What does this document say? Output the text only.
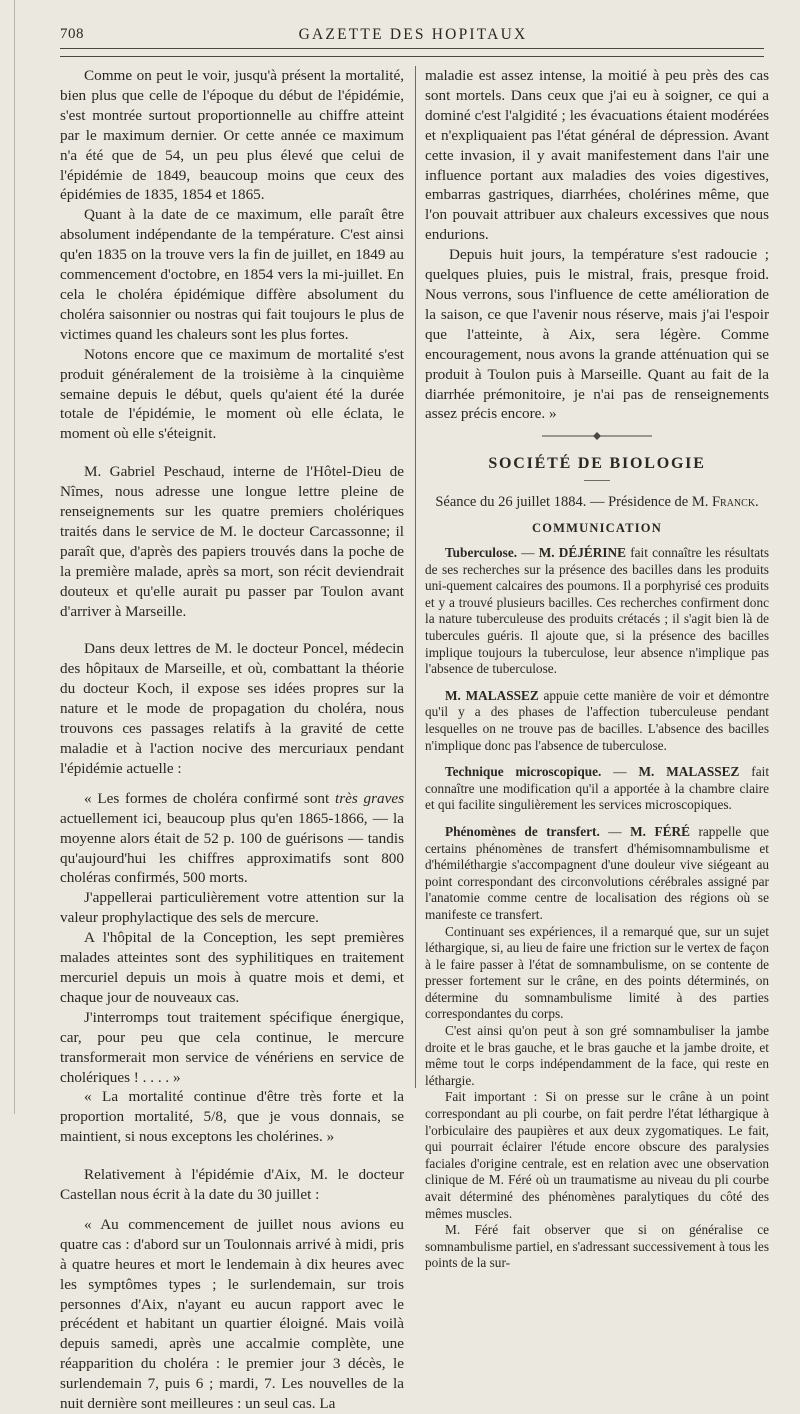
708	GAZETTE DES HOPITAUX

Comme on peut le voir, jusqu'à présent la mortalité, bien plus que celle de l'époque du début de l'épidémie, s'est montrée surtout proportionnelle au chiffre atteint par le maximum dernier. Or cette année ce maximum n'a été que de 54, un peu plus élevé que celui de l'épidémie de 1849, beaucoup moins que ceux des épidémies de 1835, 1854 et 1865.

Quant à la date de ce maximum, elle paraît être absolument indépendante de la température. C'est ainsi qu'en 1835 on la trouve vers la fin de juillet, en 1849 au commencement d'octobre, en 1854 vers la mi-juillet. En cela le choléra épidémique diffère absolument du choléra saisonnier ou nostras qui fait toujours le plus de victimes quand les chaleurs sont les plus fortes.

Notons encore que ce maximum de mortalité s'est produit généralement de la troisième à la cinquième semaine depuis le début, quels qu'aient été la durée totale de l'épidémie, le moment où elle éclata, le moment où elle s'éteignit.

M. Gabriel Peschaud, interne de l'Hôtel-Dieu de Nîmes, nous adresse une longue lettre pleine de renseignements sur les quatre premiers cholériques traités dans le service de M. le docteur Carcassonne; il paraît que, d'après des papiers trouvés dans la poche de la première malade, après sa mort, son récit deviendrait douteux et qu'elle aurait pu passer par Toulon avant d'arriver à Marseille.

Dans deux lettres de M. le docteur Poncel, médecin des hôpitaux de Marseille, et où, combattant la théorie du docteur Koch, il expose ses idées propres sur la nature et le mode de propagation du choléra, nous trouvons ces passages relatifs à la gravité de cette maladie et à l'action nocive des mercuriaux pendant l'épidémie actuelle :

« Les formes de choléra confirmé sont très graves actuellement ici, beaucoup plus qu'en 1865-1866, — la moyenne alors était de 52 p. 100 de guérisons — tandis qu'aujourd'hui les chiffres approximatifs sont 800 choléras confirmés, 500 morts.

J'appellerai particulièrement votre attention sur la valeur prophylactique des sels de mercure.

A l'hôpital de la Conception, les sept premières malades atteintes sont des syphilitiques en traitement mercuriel depuis un mois à quatre mois et demi, et chaque jour de nouveaux cas.

J'interromps tout traitement spécifique énergique, car, pour peu que cela continue, le mercure transformerait mon service de vénériens en service de cholériques ! . . . . »

« La mortalité continue d'être très forte et la proportion mortalité, 5/8, que je vous donnais, se maintient, si nous exceptons les cholérines. »

Relativement à l'épidémie d'Aix, M. le docteur Castellan nous écrit à la date du 30 juillet :

« Au commencement de juillet nous avions eu quatre cas : d'abord sur un Toulonnais arrivé à midi, pris à quatre heures et mort le lendemain à dix heures avec les symptômes types ; le surlendemain, sur trois personnes d'Aix, n'ayant eu aucun rapport avec le précédent et habitant un quartier éloigné. Mais voilà depuis samedi, après une accalmie complète, une réapparition du choléra : le premier jour 3 décès, le surlendemain 7, puis 6 ; mardi, 7. Les nouvelles de la nuit dernière sont meilleures : un seul cas. La

maladie est assez intense, la moitié à peu près des cas sont mortels. Dans ceux que j'ai eu à soigner, ce qui a dominé c'est l'algidité ; les évacuations étaient modérées et n'expliquaient pas l'état général de dépression. Avant cette invasion, il y avait manifestement dans l'air une influence portant aux maladies des voies digestives, embarras gastriques, diarrhées, cholérines même, que l'on pouvait attribuer aux chaleurs excessives que nous endurions.

Depuis huit jours, la température s'est radoucie ; quelques pluies, puis le mistral, frais, presque froid. Nous verrons, sous l'influence de cette amélioration de la saison, ce que l'avenir nous réserve, mais j'ai l'espoir que l'atteinte, à Aix, sera légère. Comme encouragement, nous avons la grande atténuation qui se produit à Toulon puis à Marseille. Quant au fait de la diarrhée prémonitoire, je n'ai pas de renseignements assez précis encore. »

SOCIÉTÉ DE BIOLOGIE
Séance du 26 juillet 1884. — Présidence de M. Franck.
COMMUNICATION

Tuberculose. — M. DÉJÉRINE fait connaître les résultats de ses recherches sur la présence des bacilles dans les produits uni-quement calcaires des poumons. Il a porphyrisé ces produits et y a trouvé plusieurs bacilles. Ces recherches confirment donc la nature tuberculeuse des produits crétacés ; il s'agit bien là de tubercules guéris. Il ajoute que, si la présence des bacilles implique toujours la tuberculose, leur absence n'implique pas l'absence de tuberculose.

M. MALASSEZ appuie cette manière de voir et démontre qu'il y a des phases de l'affection tuberculeuse pendant lesquelles on ne trouve pas de bacilles. L'absence des bacilles n'implique donc pas l'absence de tuberculose.

Technique microscopique. — M. MALASSEZ fait connaître une modification qu'il a apportée à la chambre claire et qui facilite singulièrement les services microscopiques.

Phénomènes de transfert. — M. FÉRÉ rappelle que certains phénomènes de transfert d'hémisomnambulisme et d'hémiléthargie s'accompagnent d'une douleur vive siégeant au point correspondant des circonvolutions cérébrales assigné par l'anatomie comme centre de localisation des régions où se manifeste ce transfert.

Continuant ses expériences, il a remarqué que, sur un sujet léthargique, si, au lieu de faire une friction sur le vertex de façon à le faire passer à l'état de somnambulisme, on se contente de presser fortement sur le crâne, en des points déterminés, on détermine du somnambulisme limité à des parties correspondantes du corps.

C'est ainsi qu'on peut à son gré somnambuliser la jambe droite et le bras gauche, et le bras gauche et la jambe droite, et même tout le corps indépendamment de la face, qui reste en léthargie.

Fait important : Si on presse sur le crâne à un point correspondant au pli courbe, on fait perdre l'état léthargique à l'orbiculaire des paupières et aux deux zygomatiques. Le fait, qui pourrait éclairer l'étude encore obscure des paralysies faciales d'origine centrale, est en relation avec une observation clinique de M. Féré où un traumatisme au niveau du pli courbe avait déterminé des phénomènes paralytiques du côté des mêmes muscles.

M. Féré fait observer que si on généralise ce somnambulisme partiel, en s'adressant successivement à tous les points de la sur-
